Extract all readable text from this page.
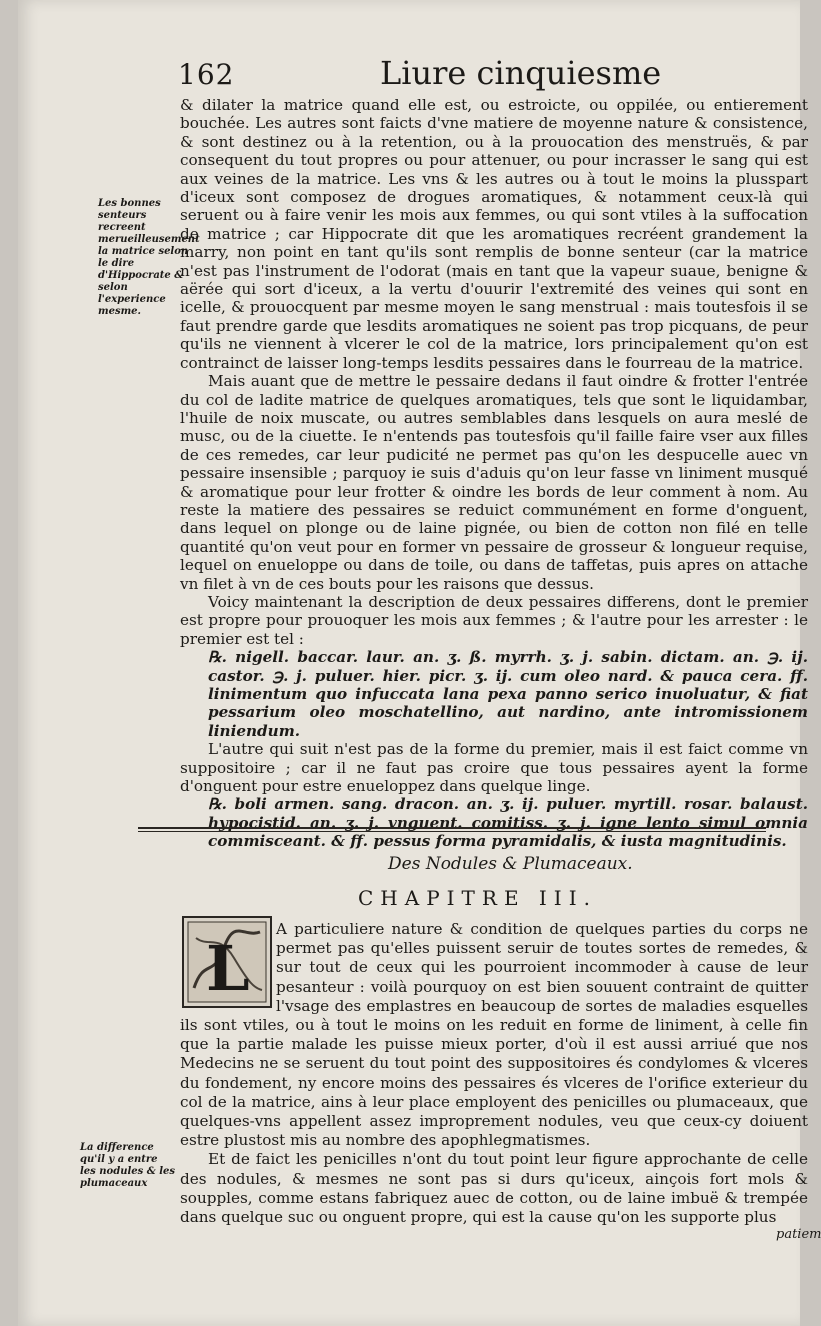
162	Liure cinquiesme
Les bonnes senteurs recreent merueilleusement la matrice selon le dire d'Hippocrate & selon l'experience mesme.

& dilater la matrice quand elle est, ou estroicte, ou oppilée, ou entierement bouchée. Les autres sont faicts d'vne matiere de moyenne nature & consistence, & sont destinez ou à la retention, ou à la prouocation des menstruës, & par consequent du tout propres ou pour attenuer, ou pour incrasser le sang qui est aux veines de la matrice. Les vns & les autres ou à tout le moins la plusspart d'iceux sont composez de drogues aromatiques, & notamment ceux-là qui seruent ou à faire venir les mois aux femmes, ou qui sont vtiles à la suffocation de matrice ; car Hippocrate dit que les aromatiques recréent grandement la marry, non point en tant qu'ils sont remplis de bonne senteur (car la matrice n'est pas l'instrument de l'odorat (mais en tant que la vapeur suaue, benigne & aërée qui sort d'iceux, a la vertu d'ouurir l'extremité des veines qui sont en icelle, & prouocquent par mesme moyen le sang menstrual : mais toutesfois il se faut prendre garde que lesdits aromatiques ne soient pas trop picquans, de peur qu'ils ne viennent à vlcerer le col de la matrice, lors principalement qu'on est contrainct de laisser long-temps lesdits pessaires dans le fourreau de la matrice.

Mais auant que de mettre le pessaire dedans il faut oindre & frotter l'entrée du col de ladite matrice de quelques aromatiques, tels que sont le liquidambar, l'huile de noix muscate, ou autres semblables dans lesquels on aura meslé de musc, ou de la ciuette. Ie n'entends pas toutesfois qu'il faille faire vser aux filles de ces remedes, car leur pudicité ne permet pas qu'on les despucelle auec vn pessaire insensible ; parquoy ie suis d'aduis qu'on leur fasse vn liniment musqué & aromatique pour leur frotter & oindre les bords de leur comment à nom. Au reste la matiere des pessaires se reduict communément en forme d'onguent, dans lequel on plonge ou de laine pignée, ou bien de cotton non filé en telle quantité qu'on veut pour en former vn pessaire de grosseur & longueur requise, lequel on enueloppe ou dans de toile, ou dans de taffetas, puis apres on attache vn filet à vn de ces bouts pour les raisons que dessus.

Voicy maintenant la description de deux pessaires differens, dont le premier est propre pour prouoquer les mois aux femmes ; & l'autre pour les arrester : le premier est tel :

℞. nigell. baccar. laur. an. ʒ. ß. myrrh. ʒ. j. sabin. dictam. an. ℈. ij. castor. ℈. j. puluer. hier. picr. ʒ. ij. cum oleo nard. & pauca cera. ff. linimentum quo infuccata lana pexa panno serico inuoluatur, & fiat pessarium oleo moschatellino, aut nardino, ante intromissionem liniendum.

L'autre qui suit n'est pas de la forme du premier, mais il est faict comme vn suppositoire ; car il ne faut pas croire que tous pessaires ayent la forme d'onguent pour estre enueloppez dans quelque linge.

℞. boli armen. sang. dracon. an. ʒ. ij. puluer. myrtill. rosar. balaust. hypocistid. an. ʒ. j. vnguent. comitiss. ʒ. j. igne lento simul omnia commisceant. & ff. pessus forma pyramidalis, & iusta magnitudinis.

Des Nodules & Plumaceaux.
CHAPITRE III.
L

A particuliere nature & condition de quelques parties du corps ne permet pas qu'elles puissent seruir de toutes sortes de remedes, & sur tout de ceux qui les pourroient incommoder à cause de leur pesanteur : voilà pourquoy on est bien souuent contraint de quitter l'vsage des emplastres en beaucoup de sortes de maladies esquelles ils sont vtiles, ou à tout le moins on les reduit en forme de liniment, à celle fin que la partie malade les puisse mieux porter, d'où il est aussi arriué que nos Medecins ne se seruent du tout point des suppositoires és condylomes & vlceres du fondement, ny encore moins des pessaires és vlceres de l'orifice exterieur du col de la matrice, ains à leur place employent des penicilles ou plumaceaux, que quelques-vns appellent assez improprement nodules, veu que ceux-cy doiuent estre plustost mis au nombre des apophlegmatismes.

Et de faict les penicilles n'ont du tout point leur figure approchante de celle des nodules, & mesmes ne sont pas si durs qu'iceux, ainçois fort mols & soupples, comme estans fabriquez auec de cotton, ou de laine imbuë & trempée dans quelque suc ou onguent propre, qui est la cause qu'on les supporte plus

La difference qu'il y a entre les nodules & les plumaceaux
patiem
